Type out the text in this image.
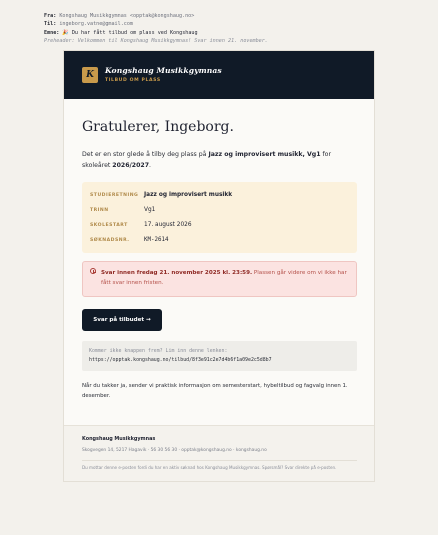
Fra: Kongshaug Musikkgymnas <opptak@kongshaug.no>
Til: ingeborg.vatne@gmail.com
Emne: 🎉 Du har fått tilbud om plass ved Kongshaug
Preheader: Velkommen til Kongshaug Musikkgymnas! Svar innen 21. november.
K	Kongshaug Musikkgymnas
TILBUD OM PLASS
Gratulerer, Ingeborg.
Det er en stor glede å tilby deg plass på Jazz og improvisert musikk, Vg1 for skoleåret 2026/2027.
STUDIERETNING Jazz og improvisert musikk
TRINN	Vg1
SKOLESTART	17. august 2026
SØKNADSNR. KM-2614
Svar innen fredag 21. november 2025 kl. 23:59. Plassen går videre om vi ikke har fått svar innen fristen.
Svar på tilbudet →
Kommer ikke knappen frem? Lim inn denne lenken:
https://opptak.kongshaug.no/tilbud/8f3e91c2e7d4b6f1a09e2c5d8b7
Når du takker ja, sender vi praktisk informasjon om semesterstart, hybeltilbud og fagvalg innen 1. desember.
Kongshaug Musikkgymnas
Skogvegen 14, 5217 Hagavik · 56 30 56 30 · opptak@kongshaug.no · kongshaug.no
Du mottar denne e-posten fordi du har en aktiv søknad hos Kongshaug Musikkgymnas. Spørsmål? Svar direkte på e-posten.
